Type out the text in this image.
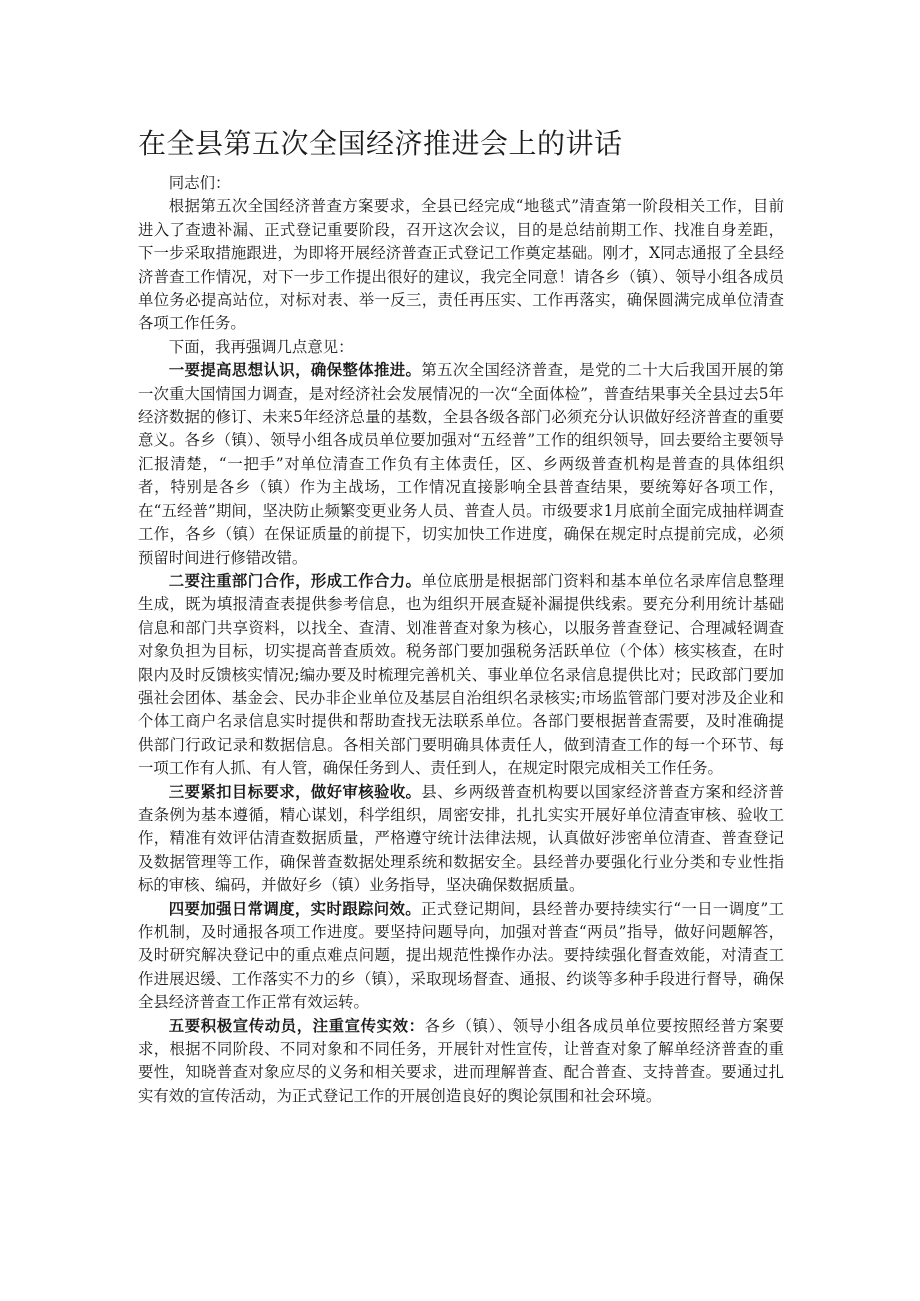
在全县第五次全国经济推进会上的讲话

同志们：

根据第五次全国经济普查方案要求，全县已经完成“地毯式”清查第一阶段相关工作，目前进入了查遗补漏、正式登记重要阶段，召开这次会议，目的是总结前期工作、找准自身差距，下一步采取措施跟进，为即将开展经济普查正式登记工作奠定基础。刚才，X同志通报了全县经济普查工作情况，对下一步工作提出很好的建议，我完全同意！请各乡（镇）、领导小组各成员单位务必提高站位，对标对表、举一反三，责任再压实、工作再落实，确保圆满完成单位清查各项工作任务。

下面，我再强调几点意见：

一要提高思想认识，确保整体推进。第五次全国经济普查，是党的二十大后我国开展的第一次重大国情国力调查，是对经济社会发展情况的一次“全面体检”，普查结果事关全县过去5年经济数据的修订、未来5年经济总量的基数，全县各级各部门必须充分认识做好经济普查的重要意义。各乡（镇）、领导小组各成员单位要加强对“五经普”工作的组织领导，回去要给主要领导汇报清楚，“一把手”对单位清查工作负有主体责任，区、乡两级普查机构是普查的具体组织者，特别是各乡（镇）作为主战场，工作情况直接影响全县普查结果，要统筹好各项工作，在“五经普”期间，坚决防止频繁变更业务人员、普查人员。市级要求1月底前全面完成抽样调查工作，各乡（镇）在保证质量的前提下，切实加快工作进度，确保在规定时点提前完成，必须预留时间进行修错改错。

二要注重部门合作，形成工作合力。单位底册是根据部门资料和基本单位名录库信息整理生成，既为填报清查表提供参考信息，也为组织开展查疑补漏提供线索。要充分利用统计基础信息和部门共享资料，以找全、查清、划准普查对象为核心，以服务普查登记、合理减轻调查对象负担为目标，切实提高普查质效。税务部门要加强税务活跃单位（个体）核实核查，在时限内及时反馈核实情况;编办要及时梳理完善机关、事业单位名录信息提供比对；民政部门要加强社会团体、基金会、民办非企业单位及基层自治组织名录核实;市场监管部门要对涉及企业和个体工商户名录信息实时提供和帮助查找无法联系单位。各部门要根据普查需要，及时准确提供部门行政记录和数据信息。各相关部门要明确具体责任人，做到清查工作的每一个环节、每一项工作有人抓、有人管，确保任务到人、责任到人，在规定时限完成相关工作任务。

三要紧扣目标要求，做好审核验收。县、乡两级普查机构要以国家经济普查方案和经济普查条例为基本遵循，精心谋划，科学组织，周密安排，扎扎实实开展好单位清查审核、验收工作，精准有效评估清查数据质量，严格遵守统计法律法规，认真做好涉密单位清查、普查登记及数据管理等工作，确保普查数据处理系统和数据安全。县经普办要强化行业分类和专业性指标的审核、编码，并做好乡（镇）业务指导，坚决确保数据质量。

四要加强日常调度，实时跟踪问效。正式登记期间，县经普办要持续实行“一日一调度”工作机制，及时通报各项工作进度。要坚持问题导向，加强对普查“两员”指导，做好问题解答，及时研究解决登记中的重点难点问题，提出规范性操作办法。要持续强化督查效能，对清查工作进展迟缓、工作落实不力的乡（镇），采取现场督查、通报、约谈等多种手段进行督导，确保全县经济普查工作正常有效运转。

五要积极宣传动员，注重宣传实效：各乡（镇）、领导小组各成员单位要按照经普方案要求，根据不同阶段、不同对象和不同任务，开展针对性宣传，让普查对象了解单经济普查的重要性，知晓普查对象应尽的义务和相关要求，进而理解普查、配合普查、支持普查。要通过扎实有效的宣传活动，为正式登记工作的开展创造良好的舆论氛围和社会环境。
